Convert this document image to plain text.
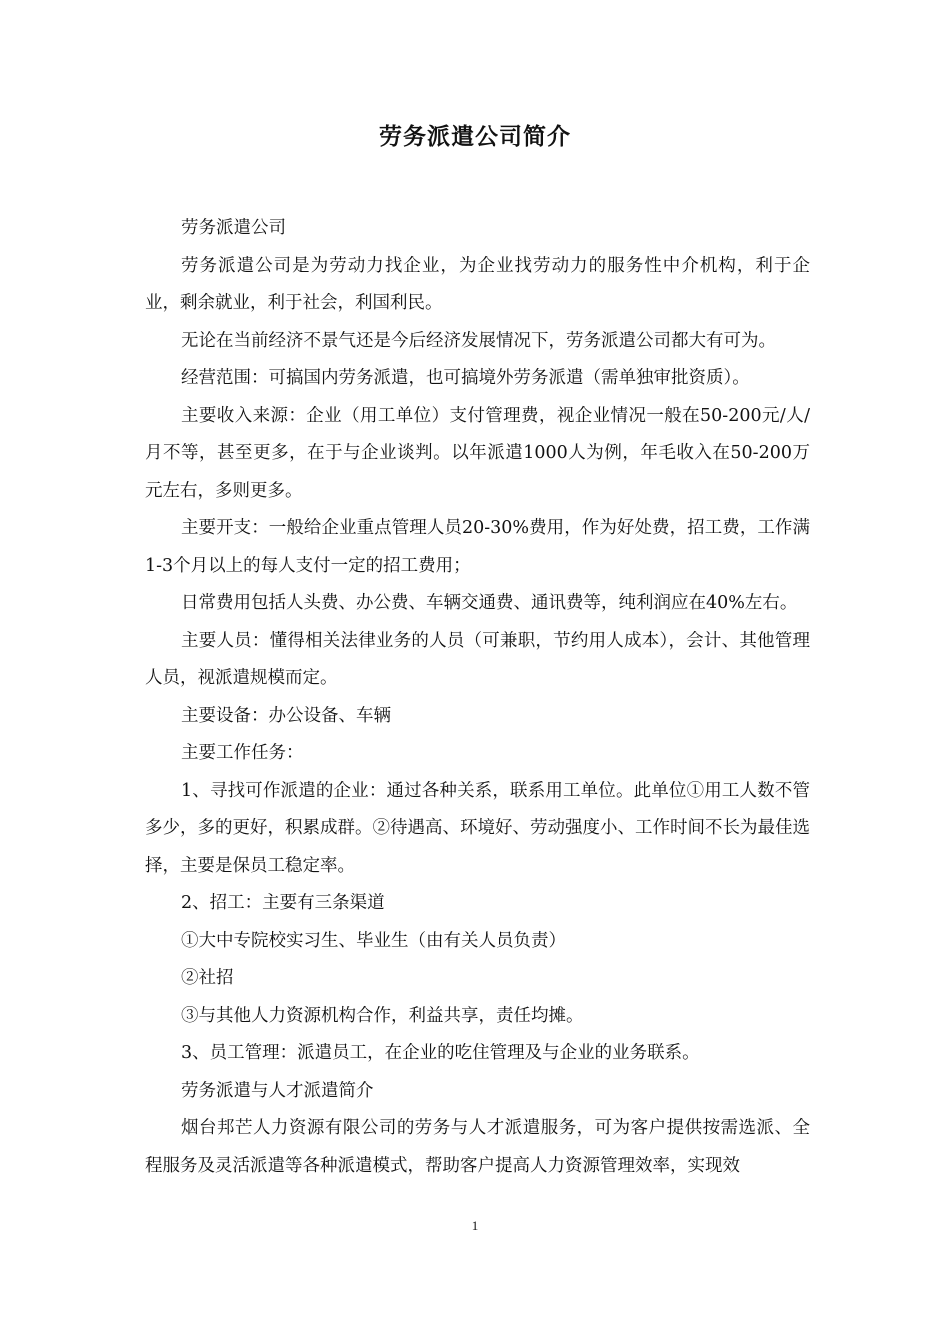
劳务派遣公司简介

劳务派遣公司

劳务派遣公司是为劳动力找企业，为企业找劳动力的服务性中介机构，利于企业，剩余就业，利于社会，利国利民。

无论在当前经济不景气还是今后经济发展情况下，劳务派遣公司都大有可为。

经营范围：可搞国内劳务派遣，也可搞境外劳务派遣（需单独审批资质）。

主要收入来源：企业（用工单位）支付管理费，视企业情况一般在50-200元/人/月不等，甚至更多，在于与企业谈判。以年派遣1000人为例，年毛收入在50-200万元左右，多则更多。

主要开支：一般给企业重点管理人员20-30%费用，作为好处费，招工费，工作满1-3个月以上的每人支付一定的招工费用；

日常费用包括人头费、办公费、车辆交通费、通讯费等，纯利润应在40%左右。

主要人员：懂得相关法律业务的人员（可兼职，节约用人成本），会计、其他管理人员，视派遣规模而定。

主要设备：办公设备、车辆

主要工作任务：

1、寻找可作派遣的企业：通过各种关系，联系用工单位。此单位①用工人数不管多少，多的更好，积累成群。②待遇高、环境好、劳动强度小、工作时间不长为最佳选择，主要是保员工稳定率。

2、招工：主要有三条渠道

①大中专院校实习生、毕业生（由有关人员负责）

②社招

③与其他人力资源机构合作，利益共享，责任均摊。

3、员工管理：派遣员工，在企业的吃住管理及与企业的业务联系。

劳务派遣与人才派遣简介

烟台邦芒人力资源有限公司的劳务与人才派遣服务，可为客户提供按需选派、全程服务及灵活派遣等各种派遣模式，帮助客户提高人力资源管理效率，实现效

1
